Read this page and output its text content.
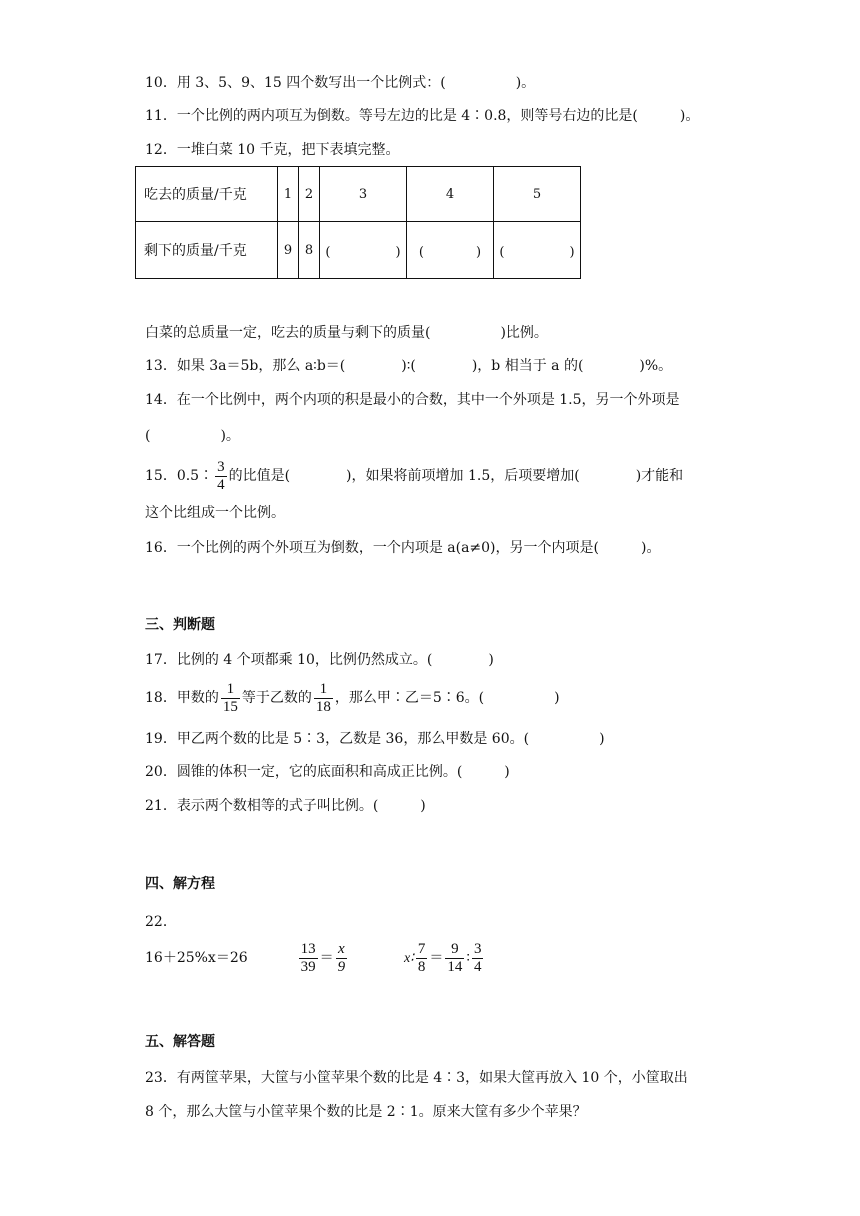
10．用 3、5、9、15 四个数写出一个比例式：(　　　　　)。
11．一个比例的两内项互为倒数。等号左边的比是 4∶0.8，则等号右边的比是(　　　)。
12．一堆白菜 10 千克，把下表填完整。
吃去的质量/千克	1	2	3	4	5
剩下的质量/千克	9	8	(　　　　　)	(　　　　)	(　　　　　)
白菜的总质量一定，吃去的质量与剩下的质量(　　　　　)比例。
13．如果 3a＝5b，那么 a∶b＝(　　　　)∶(　　　　)，b 相当于 a 的(　　　　)%。
14．在一个比例中，两个内项的积是最小的合数，其中一个外项是 1.5，另一个外项是
(　　　　　)。
15．0.5∶ $\frac{3}{4}$ 的比值是(　　　　)，如果将前项增加 1.5，后项要增加(　　　　)才能和
这个比组成一个比例。
16．一个比例的两个外项互为倒数，一个内项是 a(a≠0)，另一个内项是(　　　)。
三、判断题
17．比例的 4 个项都乘 10，比例仍然成立。(　　　　)
18．甲数的 $\frac{1}{15}$ 等于乙数的 $\frac{1}{18}$ ，那么甲∶乙＝5∶6。(　　　　　)
19．甲乙两个数的比是 5∶3，乙数是 36，那么甲数是 60。(　　　　　)
20．圆锥的体积一定，它的底面积和高成正比例。(　　　)
21．表示两个数相等的式子叫比例。(　　　)
四、解方程
22．
16＋25%x＝26	$\frac{13}{39} = \frac{x}{9}$	x∶ $\frac{7}{8} = \frac{9}{14}$ ∶ $\frac{3}{4}$
五、解答题
23．有两筐苹果，大筐与小筐苹果个数的比是 4∶3，如果大筐再放入 10 个，小筐取出
8 个，那么大筐与小筐苹果个数的比是 2∶1。原来大筐有多少个苹果？
